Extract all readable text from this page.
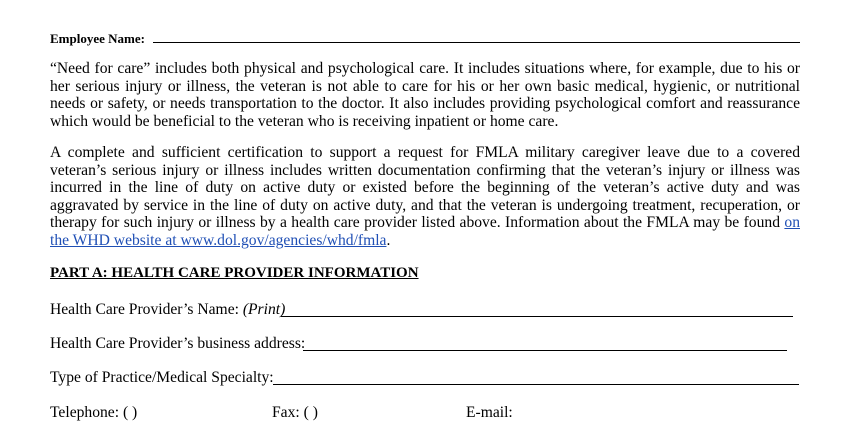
Employee Name:
“Need for care” includes both physical and psychological care. It includes situations where, for example, due to his or her serious injury or illness, the veteran is not able to care for his or her own basic medical, hygienic, or nutritional needs or safety, or needs transportation to the doctor. It also includes providing psychological comfort and reassurance which would be beneficial to the veteran who is receiving inpatient or home care.
A complete and sufficient certification to support a request for FMLA military caregiver leave due to a covered veteran’s serious injury or illness includes written documentation confirming that the veteran’s injury or illness was incurred in the line of duty on active duty or existed before the beginning of the veteran’s active duty and was aggravated by service in the line of duty on active duty, and that the veteran is undergoing treatment, recuperation, or therapy for such injury or illness by a health care provider listed above. Information about the FMLA may be found on the WHD website at www.dol.gov/agencies/whd/fmla.
PART A: HEALTH CARE PROVIDER INFORMATION
Health Care Provider’s Name: (Print)
Health Care Provider’s business address:
Type of Practice/Medical Specialty:
Telephone: ( )	Fax: ( )	E-mail:
